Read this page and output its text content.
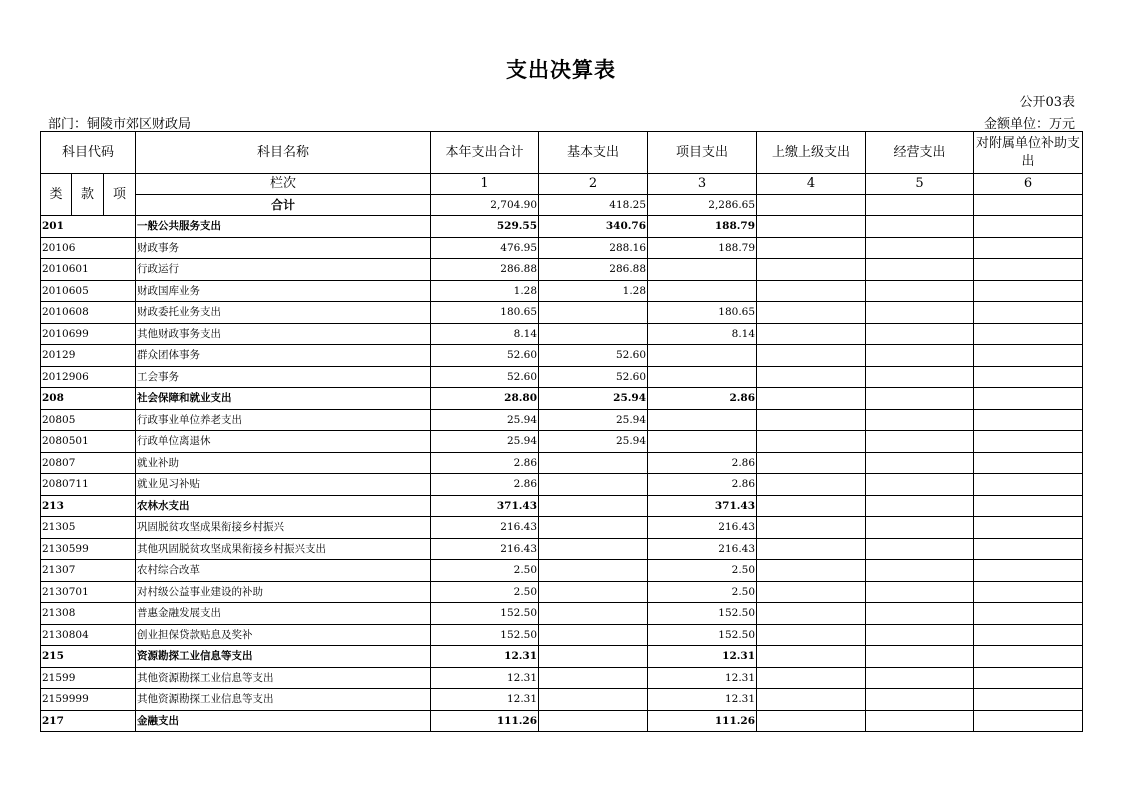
支出决算表
公开03表
部门：铜陵市郊区财政局	金额单位：万元
科目代码			科目名称	本年支出合计	基本支出	项目支出	上缴上级支出	经营支出	对附属单位补助支出
类	款	项	栏次	1	2	3	4	5	6
			合计	2,704.90	418.25	2,286.65			
201			一般公共服务支出	529.55	340.76	188.79			
20106			财政事务	476.95	288.16	188.79			
2010601			行政运行	286.88	286.88				
2010605			财政国库业务	1.28	1.28				
2010608			财政委托业务支出	180.65		180.65			
2010699			其他财政事务支出	8.14		8.14			
20129			群众团体事务	52.60	52.60				
2012906			工会事务	52.60	52.60				
208			社会保障和就业支出	28.80	25.94	2.86			
20805			行政事业单位养老支出	25.94	25.94				
2080501			行政单位离退休	25.94	25.94				
20807			就业补助	2.86		2.86			
2080711			就业见习补贴	2.86		2.86			
213			农林水支出	371.43		371.43			
21305			巩固脱贫攻坚成果衔接乡村振兴	216.43		216.43			
2130599			其他巩固脱贫攻坚成果衔接乡村振兴支出	216.43		216.43			
21307			农村综合改革	2.50		2.50			
2130701			对村级公益事业建设的补助	2.50		2.50			
21308			普惠金融发展支出	152.50		152.50			
2130804			创业担保贷款贴息及奖补	152.50		152.50			
215			资源勘探工业信息等支出	12.31		12.31			
21599			其他资源勘探工业信息等支出	12.31		12.31			
2159999			其他资源勘探工业信息等支出	12.31		12.31			
217			金融支出	111.26		111.26			
